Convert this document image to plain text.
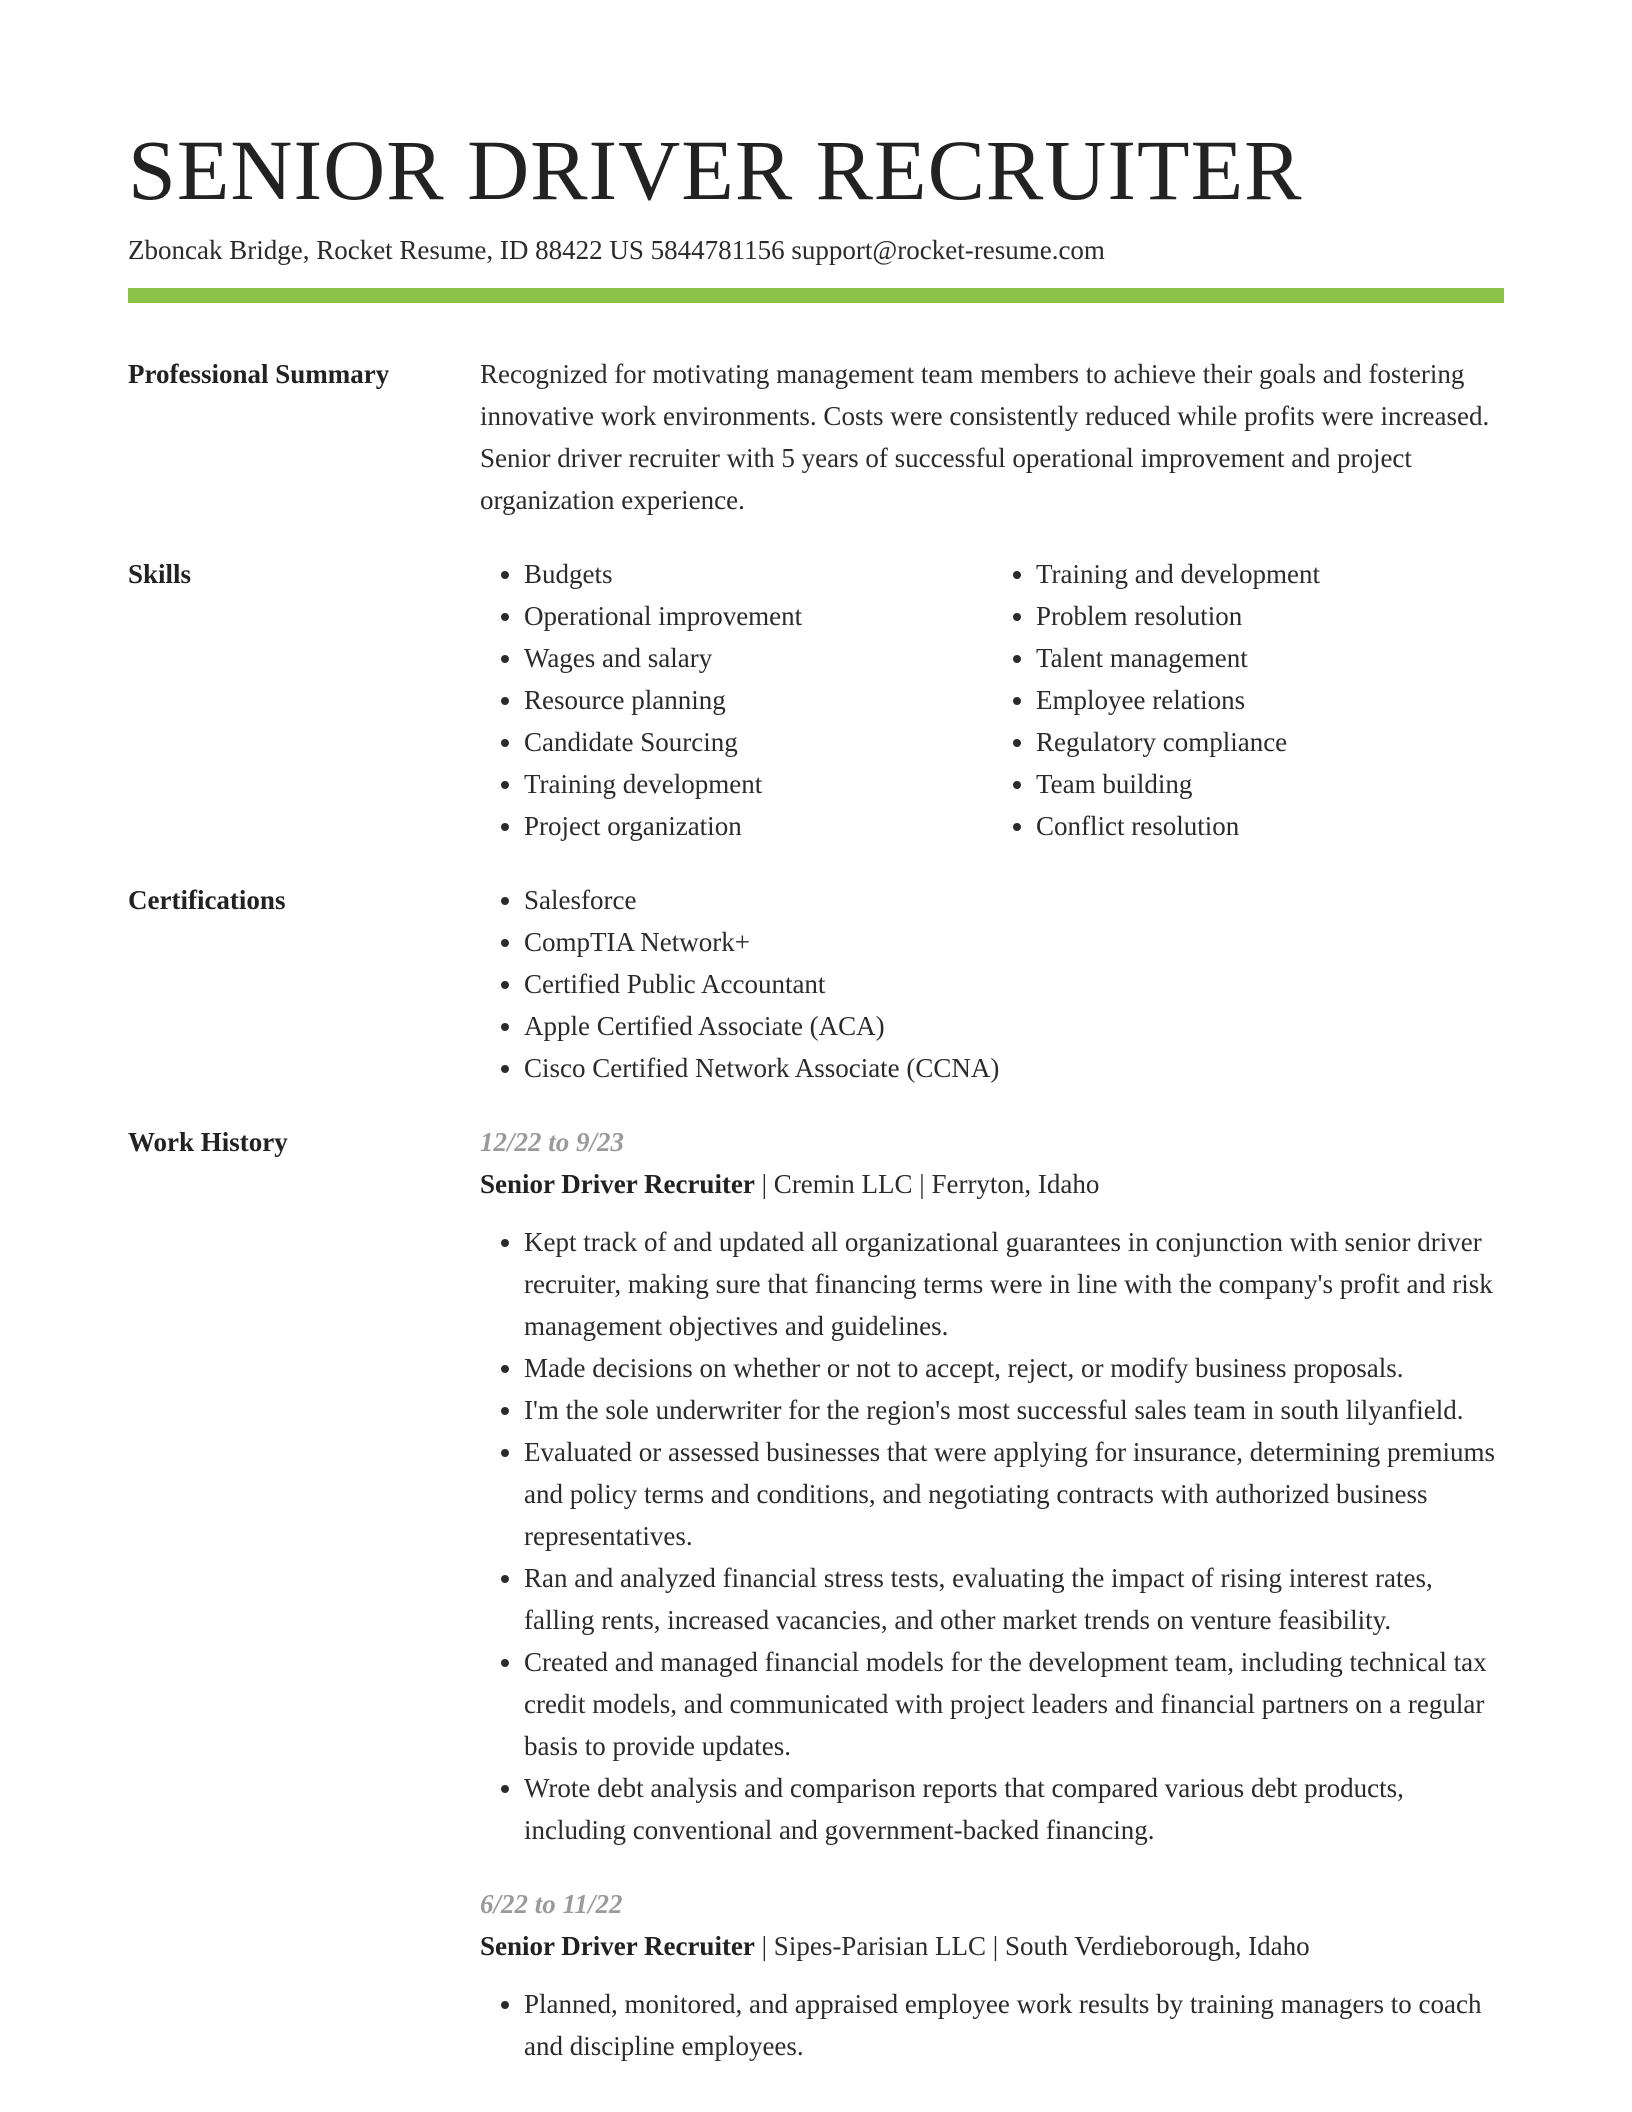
SENIOR DRIVER RECRUITER
Zboncak Bridge, Rocket Resume, ID 88422 US 5844781156 support@rocket-resume.com
Professional Summary	Recognized for motivating management team members to achieve their goals and fostering innovative work environments. Costs were consistently reduced while profits were increased. Senior driver recruiter with 5 years of successful operational improvement and project organization experience.
Skills	• Budgets
• Operational improvement
• Wages and salary
• Resource planning
• Candidate Sourcing
• Training development
• Project organization
• Training and development
• Problem resolution
• Talent management
• Employee relations
• Regulatory compliance
• Team building
• Conflict resolution
Certifications	• Salesforce
• CompTIA Network+
• Certified Public Accountant
• Apple Certified Associate (ACA)
• Cisco Certified Network Associate (CCNA)
Work History	12/22 to 9/23
Senior Driver Recruiter | Cremin LLC | Ferryton, Idaho
• Kept track of and updated all organizational guarantees in conjunction with senior driver recruiter, making sure that financing terms were in line with the company's profit and risk management objectives and guidelines.
• Made decisions on whether or not to accept, reject, or modify business proposals.
• I'm the sole underwriter for the region's most successful sales team in south lilyanfield.
• Evaluated or assessed businesses that were applying for insurance, determining premiums and policy terms and conditions, and negotiating contracts with authorized business representatives.
• Ran and analyzed financial stress tests, evaluating the impact of rising interest rates, falling rents, increased vacancies, and other market trends on venture feasibility.
• Created and managed financial models for the development team, including technical tax credit models, and communicated with project leaders and financial partners on a regular basis to provide updates.
• Wrote debt analysis and comparison reports that compared various debt products, including conventional and government-backed financing.
6/22 to 11/22
Senior Driver Recruiter | Sipes-Parisian LLC | South Verdieborough, Idaho
• Planned, monitored, and appraised employee work results by training managers to coach and discipline employees.
